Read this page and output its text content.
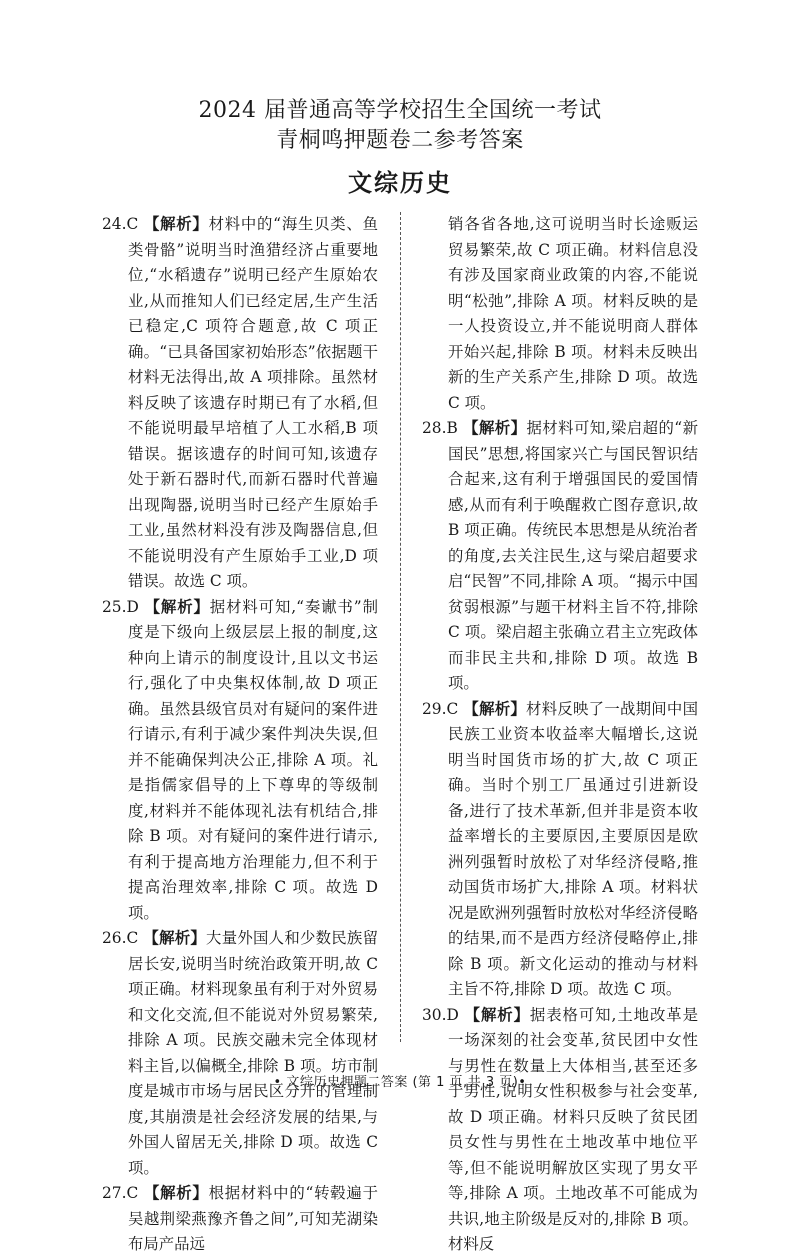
2024 届普通高等学校招生全国统一考试
青桐鸣押题卷二参考答案
文综历史

24.C 【解析】材料中的“海生贝类、鱼类骨骼”说明当时渔猎经济占重要地位,“水稻遗存”说明已经产生原始农业,从而推知人们已经定居,生产生活已稳定,C 项符合题意,故 C 项正确。“已具备国家初始形态”依据题干材料无法得出,故 A 项排除。虽然材料反映了该遗存时期已有了水稻,但不能说明最早培植了人工水稻,B 项错误。据该遗存的时间可知,该遗存处于新石器时代,而新石器时代普遍出现陶器,说明当时已经产生原始手工业,虽然材料没有涉及陶器信息,但不能说明没有产生原始手工业,D 项错误。故选 C 项。

25.D 【解析】据材料可知,“奏谳书”制度是下级向上级层层上报的制度,这种向上请示的制度设计,且以文书运行,强化了中央集权体制,故 D 项正确。虽然县级官员对有疑问的案件进行请示,有利于减少案件判决失误,但并不能确保判决公正,排除 A 项。礼是指儒家倡导的上下尊卑的等级制度,材料并不能体现礼法有机结合,排除 B 项。对有疑问的案件进行请示,有利于提高地方治理能力,但不利于提高治理效率,排除 C 项。故选 D 项。

26.C 【解析】大量外国人和少数民族留居长安,说明当时统治政策开明,故 C 项正确。材料现象虽有利于对外贸易和文化交流,但不能说对外贸易繁荣,排除 A 项。民族交融未完全体现材料主旨,以偏概全,排除 B 项。坊市制度是城市市场与居民区分开的管理制度,其崩溃是社会经济发展的结果,与外国人留居无关,排除 D 项。故选 C 项。

27.C 【解析】根据材料中的“转毂遍于吴越荆梁燕豫齐鲁之间”,可知芜湖染布局产品远

销各省各地,这可说明当时长途贩运贸易繁荣,故 C 项正确。材料信息没有涉及国家商业政策的内容,不能说明“松弛”,排除 A 项。材料反映的是一人投资设立,并不能说明商人群体开始兴起,排除 B 项。材料未反映出新的生产关系产生,排除 D 项。故选 C 项。

28.B 【解析】据材料可知,梁启超的“新国民”思想,将国家兴亡与国民智识结合起来,这有利于增强国民的爱国情感,从而有利于唤醒救亡图存意识,故 B 项正确。传统民本思想是从统治者的角度,去关注民生,这与梁启超要求启“民智”不同,排除 A 项。“揭示中国贫弱根源”与题干材料主旨不符,排除 C 项。梁启超主张确立君主立宪政体而非民主共和,排除 D 项。故选 B 项。

29.C 【解析】材料反映了一战期间中国民族工业资本收益率大幅增长,这说明当时国货市场的扩大,故 C 项正确。当时个别工厂虽通过引进新设备,进行了技术革新,但并非是资本收益率增长的主要原因,主要原因是欧洲列强暂时放松了对华经济侵略,推动国货市场扩大,排除 A 项。材料状况是欧洲列强暂时放松对华经济侵略的结果,而不是西方经济侵略停止,排除 B 项。新文化运动的推动与材料主旨不符,排除 D 项。故选 C 项。

30.D 【解析】据表格可知,土地改革是一场深刻的社会变革,贫民团中女性与男性在数量上大体相当,甚至还多于男性,说明女性积极参与社会变革,故 D 项正确。材料只反映了贫民团员女性与男性在土地改革中地位平等,但不能说明解放区实现了男女平等,排除 A 项。土地改革不可能成为共识,地主阶级是反对的,排除 B 项。材料反

• 文综历史押题二答案 (第 1 页,共 3 页)•
